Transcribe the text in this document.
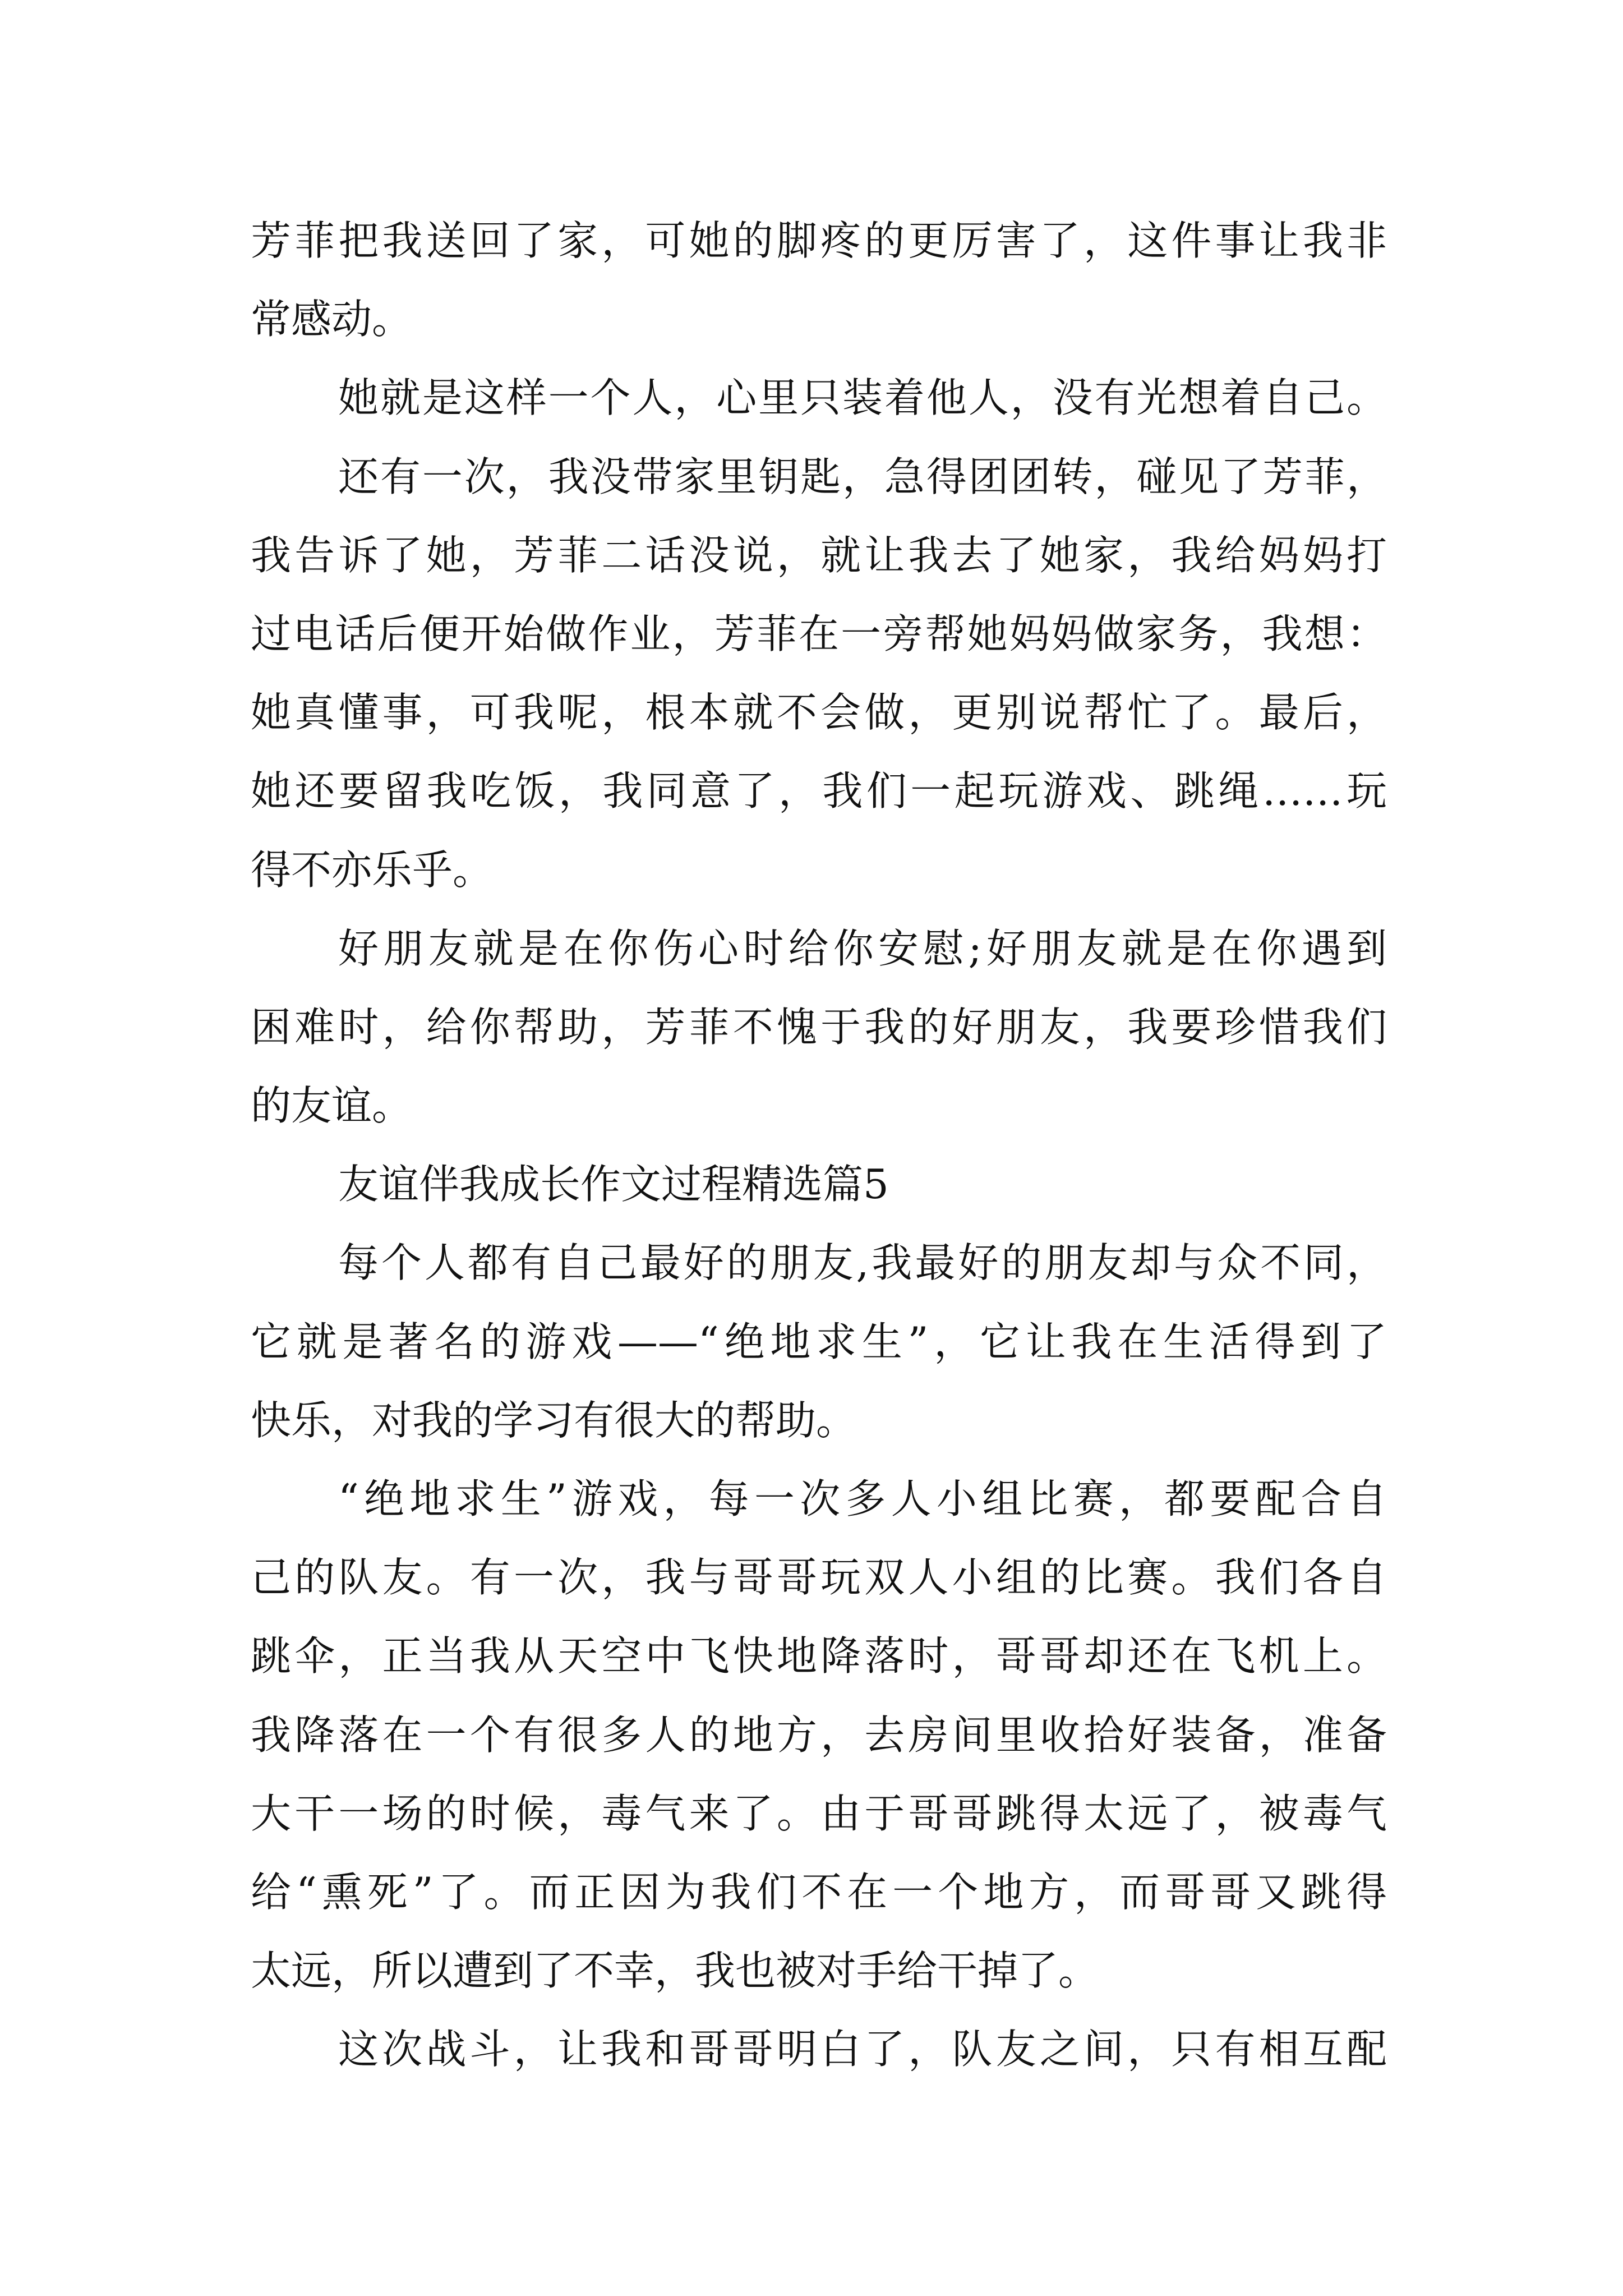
芳菲把我送回了家，可她的脚疼的更厉害了，这件事让我非
常感动。
她就是这样一个人，心里只装着他人，没有光想着自己。
还有一次，我没带家里钥匙，急得团团转，碰见了芳菲，
我告诉了她，芳菲二话没说，就让我去了她家，我给妈妈打
过电话后便开始做作业，芳菲在一旁帮她妈妈做家务，我想：
她真懂事，可我呢，根本就不会做，更别说帮忙了。最后，
她还要留我吃饭，我同意了，我们一起玩游戏、跳绳……玩
得不亦乐乎。
好朋友就是在你伤心时给你安慰;好朋友就是在你遇到
困难时，给你帮助，芳菲不愧于我的好朋友，我要珍惜我们
的友谊。
友谊伴我成长作文过程精选篇5
每个人都有自己最好的朋友,我最好的朋友却与众不同，
它就是著名的游戏——“绝地求生”，它让我在生活得到了
快乐，对我的学习有很大的帮助。
“绝地求生”游戏，每一次多人小组比赛，都要配合自
己的队友。有一次，我与哥哥玩双人小组的比赛。我们各自
跳伞，正当我从天空中飞快地降落时，哥哥却还在飞机上。
我降落在一个有很多人的地方，去房间里收拾好装备，准备
大干一场的时候，毒气来了。由于哥哥跳得太远了，被毒气
给“熏死”了。而正因为我们不在一个地方，而哥哥又跳得
太远，所以遭到了不幸，我也被对手给干掉了。
这次战斗，让我和哥哥明白了，队友之间，只有相互配
